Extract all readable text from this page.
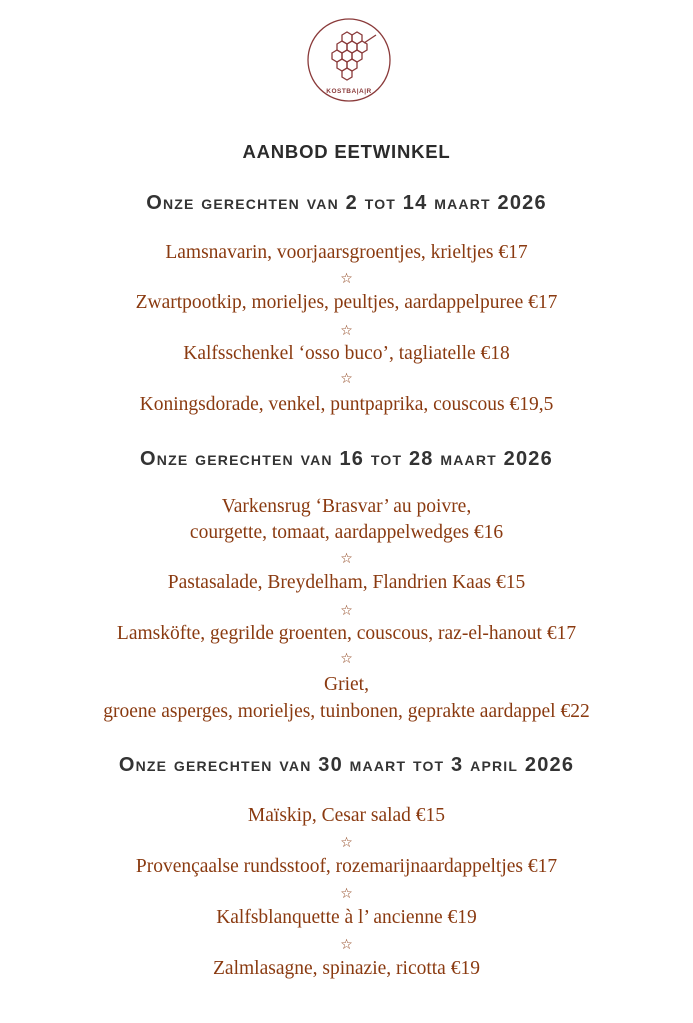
KOSTBA|A|R
AANBOD EETWINKEL
Onze gerechten van 2 tot 14 maart 2026
Lamsnavarin, voorjaarsgroentjes, krieltjes €17
☆
Zwartpootkip, morieljes, peultjes, aardappelpuree €17
☆
Kalfsschenkel ‘osso buco’, tagliatelle €18
☆
Koningsdorade, venkel, puntpaprika, couscous €19,5
Onze gerechten van 16 tot 28 maart 2026
Varkensrug ‘Brasvar’ au poivre,
courgette, tomaat, aardappelwedges €16
☆
Pastasalade, Breydelham, Flandrien Kaas €15
☆
Lamsköfte, gegrilde groenten, couscous, raz-el-hanout €17
☆
Griet,
groene asperges, morieljes, tuinbonen, geprakte aardappel €22
Onze gerechten van 30 maart tot 3 april 2026
Maïskip, Cesar salad €15
☆
Provençaalse rundsstoof, rozemarijnaardappeltjes €17
☆
Kalfsblanquette à l’ ancienne €19
☆
Zalmlasagne, spinazie, ricotta €19
